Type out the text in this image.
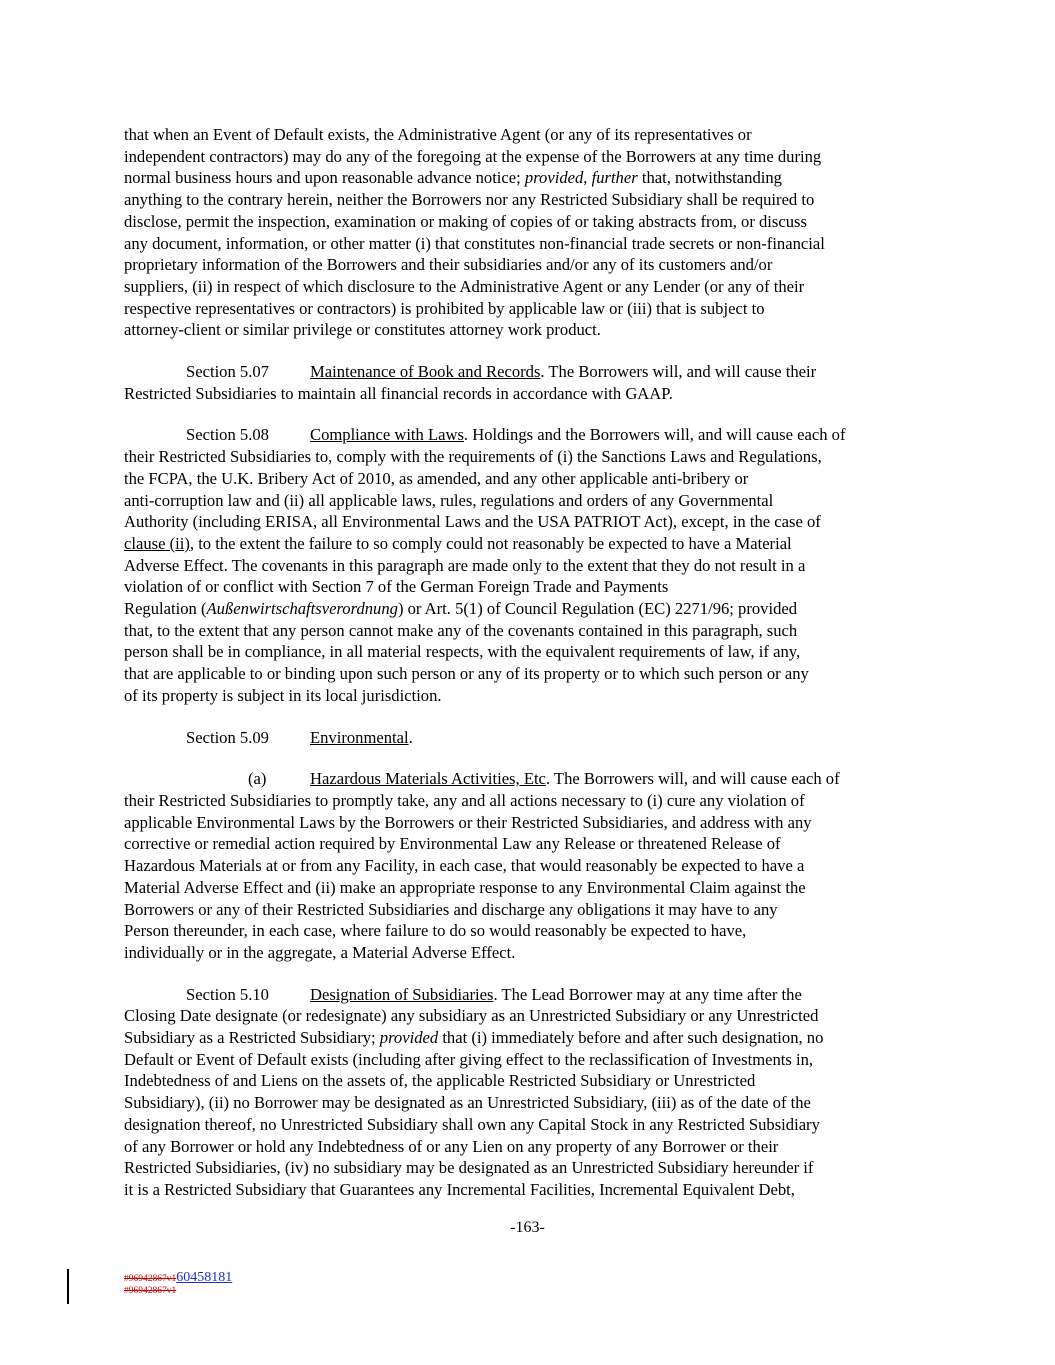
that when an Event of Default exists, the Administrative Agent (or any of its representatives or
independent contractors) may do any of the foregoing at the expense of the Borrowers at any time during
normal business hours and upon reasonable advance notice; provided, further that, notwithstanding
anything to the contrary herein, neither the Borrowers nor any Restricted Subsidiary shall be required to
disclose, permit the inspection, examination or making of copies of or taking abstracts from, or discuss
any document, information, or other matter (i) that constitutes non-financial trade secrets or non-financial
proprietary information of the Borrowers and their subsidiaries and/or any of its customers and/or
suppliers, (ii) in respect of which disclosure to the Administrative Agent or any Lender (or any of their
respective representatives or contractors) is prohibited by applicable law or (iii) that is subject to
attorney-client or similar privilege or constitutes attorney work product.
Section 5.07 Maintenance of Book and Records. The Borrowers will, and will cause their
Restricted Subsidiaries to maintain all financial records in accordance with GAAP.
Section 5.08 Compliance with Laws. Holdings and the Borrowers will, and will cause each of
their Restricted Subsidiaries to, comply with the requirements of (i) the Sanctions Laws and Regulations,
the FCPA, the U.K. Bribery Act of 2010, as amended, and any other applicable anti-bribery or
anti-corruption law and (ii) all applicable laws, rules, regulations and orders of any Governmental
Authority (including ERISA, all Environmental Laws and the USA PATRIOT Act), except, in the case of
clause (ii), to the extent the failure to so comply could not reasonably be expected to have a Material
Adverse Effect. The covenants in this paragraph are made only to the extent that they do not result in a
violation of or conflict with Section 7 of the German Foreign Trade and Payments
Regulation (Außenwirtschaftsverordnung) or Art. 5(1) of Council Regulation (EC) 2271/96; provided
that, to the extent that any person cannot make any of the covenants contained in this paragraph, such
person shall be in compliance, in all material respects, with the equivalent requirements of law, if any,
that are applicable to or binding upon such person or any of its property or to which such person or any
of its property is subject in its local jurisdiction.
Section 5.09 Environmental.
(a)	Hazardous Materials Activities, Etc. The Borrowers will, and will cause each of
their Restricted Subsidiaries to promptly take, any and all actions necessary to (i) cure any violation of
applicable Environmental Laws by the Borrowers or their Restricted Subsidiaries, and address with any
corrective or remedial action required by Environmental Law any Release or threatened Release of
Hazardous Materials at or from any Facility, in each case, that would reasonably be expected to have a
Material Adverse Effect and (ii) make an appropriate response to any Environmental Claim against the
Borrowers or any of their Restricted Subsidiaries and discharge any obligations it may have to any
Person thereunder, in each case, where failure to do so would reasonably be expected to have,
individually or in the aggregate, a Material Adverse Effect.
Section 5.10 Designation of Subsidiaries. The Lead Borrower may at any time after the
Closing Date designate (or redesignate) any subsidiary as an Unrestricted Subsidiary or any Unrestricted
Subsidiary as a Restricted Subsidiary; provided that (i) immediately before and after such designation, no
Default or Event of Default exists (including after giving effect to the reclassification of Investments in,
Indebtedness of and Liens on the assets of, the applicable Restricted Subsidiary or Unrestricted
Subsidiary), (ii) no Borrower may be designated as an Unrestricted Subsidiary, (iii) as of the date of the
designation thereof, no Unrestricted Subsidiary shall own any Capital Stock in any Restricted Subsidiary
of any Borrower or hold any Indebtedness of or any Lien on any property of any Borrower or their
Restricted Subsidiaries, (iv) no subsidiary may be designated as an Unrestricted Subsidiary hereunder if
it is a Restricted Subsidiary that Guarantees any Incremental Facilities, Incremental Equivalent Debt,
-163-
#96942867v160458181
#96942867v1
